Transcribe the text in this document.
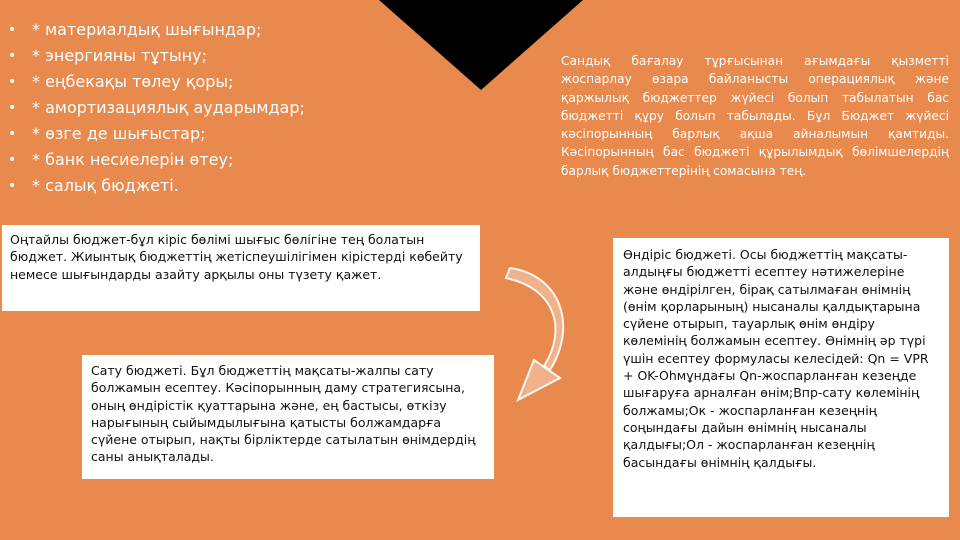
• * материалдық шығындар;
• * энергияны тұтыну;
• * еңбекақы төлеу қоры;
• * амортизациялық аударымдар;
• * өзге де шығыстар;
• * банк несиелерін өтеу;
• * салық бюджеті.

Сандық бағалау тұрғысынан ағымдағы қызметті жоспарлау өзара байланысты операциялық және қаржылық бюджеттер жүйесі болып табылатын бас бюджетті құру болып табылады. Бұл Бюджет жүйесі кәсіпорынның барлық ақша айналымын қамтиды. Кәсіпорынның бас бюджеті құрылымдық бөлімшелердің барлық бюджеттерінің сомасына тең.

Оңтайлы бюджет-бұл кіріс бөлімі шығыс бөлігіне тең болатын бюджет. Жиынтық бюджеттің жетіспеушілігімен кірістерді көбейту немесе шығындарды азайту арқылы оны түзету қажет.
Сату бюджеті. Бұл бюджеттің мақсаты-жалпы сату болжамын есептеу. Кәсіпорынның даму стратегиясына, оның өндірістік қуаттарына және, ең бастысы, өткізу нарығының сыйымдылығына қатысты болжамдарға сүйене отырып, нақты бірліктерде сатылатын өнімдердің саны анықталады.
Өндіріс бюджеті. Осы бюджеттің мақсаты-алдыңғы бюджетті есептеу нәтижелеріне және өндірілген, бірақ сатылмаған өнімнің (өнім қорларының) нысаналы қалдықтарына сүйене отырып, тауарлық өнім өндіру көлемінің болжамын есептеу. Өнімнің әр түрі үшін есептеу формуласы келесідей: Qn = VPR + OK-Ohмұндағы Qn-жоспарланған кезеңде шығаруға арналған өнім;Впр-сату көлемінің болжамы;Ок - жоспарланған кезеңнің соңындағы дайын өнімнің нысаналы қалдығы;Ол - жоспарланған кезеңнің басындағы өнімнің қалдығы.
